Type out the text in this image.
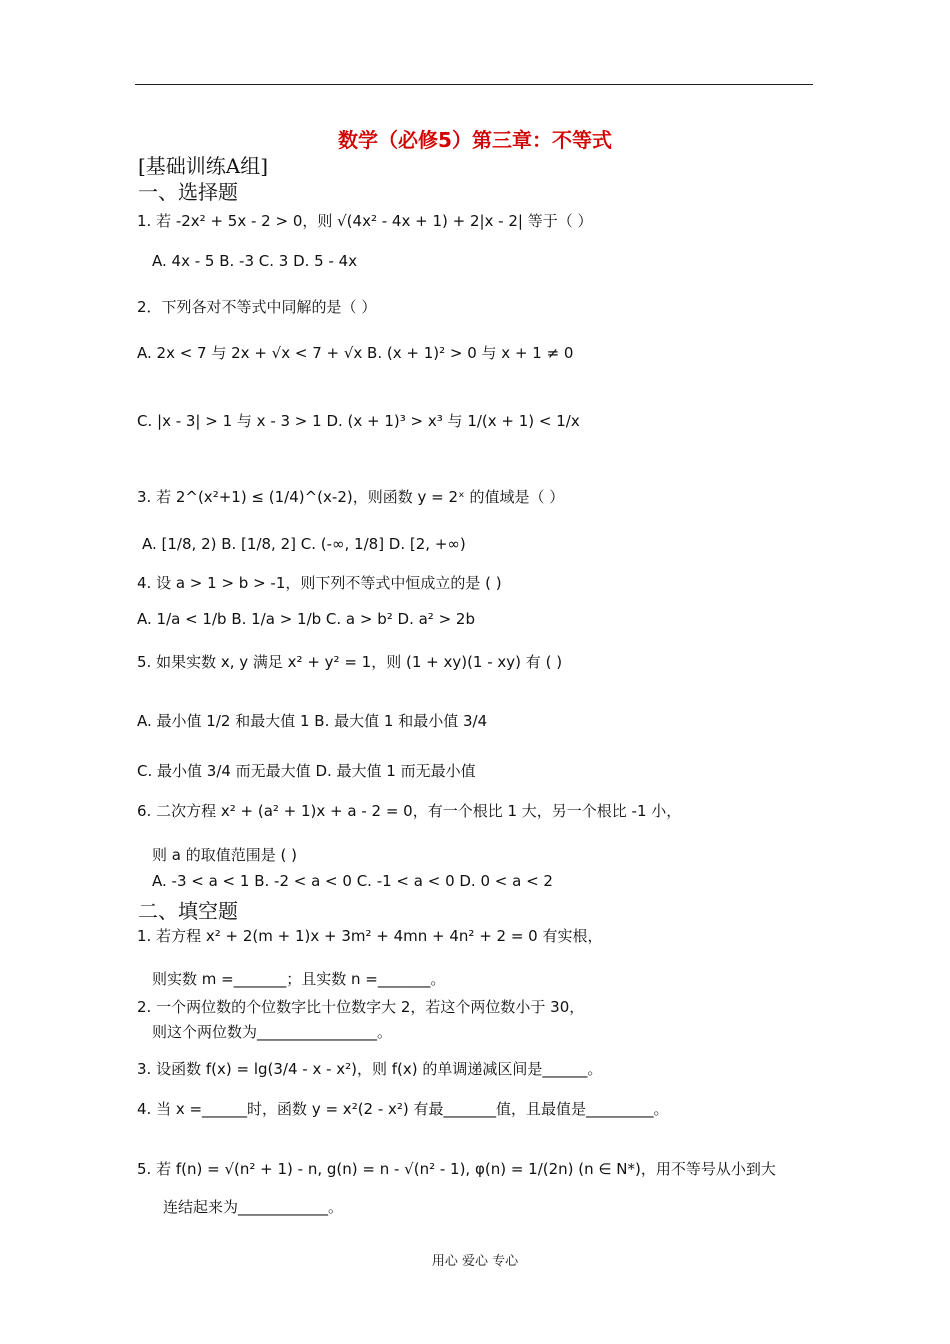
数学（必修5）第三章：不等式
[基础训练A组]
一、选择题
1. 若 -2x² + 5x - 2 > 0，则 √(4x² - 4x + 1) + 2|x - 2| 等于（ ）
A. 4x - 5 B. -3 C. 3 D. 5 - 4x
2．下列各对不等式中同解的是（ ）
A. 2x < 7 与 2x + √x < 7 + √x B. (x + 1)² > 0 与 x + 1 ≠ 0
C. |x - 3| > 1 与 x - 3 > 1 D. (x + 1)³ > x³ 与 1/(x + 1) < 1/x
3. 若 2^(x²+1) ≤ (1/4)^(x-2)，则函数 y = 2ˣ 的值域是（ ）
A. [1/8, 2) B. [1/8, 2] C. (-∞, 1/8] D. [2, +∞)
4. 设 a > 1 > b > -1，则下列不等式中恒成立的是 ( )
A. 1/a < 1/b B. 1/a > 1/b C. a > b² D. a² > 2b
5. 如果实数 x, y 满足 x² + y² = 1，则 (1 + xy)(1 - xy) 有 ( )
A. 最小值 1/2 和最大值 1 B. 最大值 1 和最小值 3/4
C. 最小值 3/4 而无最大值 D. 最大值 1 而无最小值
6. 二次方程 x² + (a² + 1)x + a - 2 = 0，有一个根比 1 大，另一个根比 -1 小，
则 a 的取值范围是 ( )
A. -3 < a < 1 B. -2 < a < 0 C. -1 < a < 0 D. 0 < a < 2
二、填空题
1. 若方程 x² + 2(m + 1)x + 3m² + 4mn + 4n² + 2 = 0 有实根，
则实数 m =_______；且实数 n =_______。
2. 一个两位数的个位数字比十位数字大 2，若这个两位数小于 30，
则这个两位数为________________。
3. 设函数 f(x) = lg(3/4 - x - x²)，则 f(x) 的单调递减区间是______。
4. 当 x =______时，函数 y = x²(2 - x²) 有最_______值，且最值是_________。
5. 若 f(n) = √(n² + 1) - n, g(n) = n - √(n² - 1), φ(n) = 1/(2n) (n ∈ N*)，用不等号从小到大
连结起来为____________。
用心 爱心 专心
